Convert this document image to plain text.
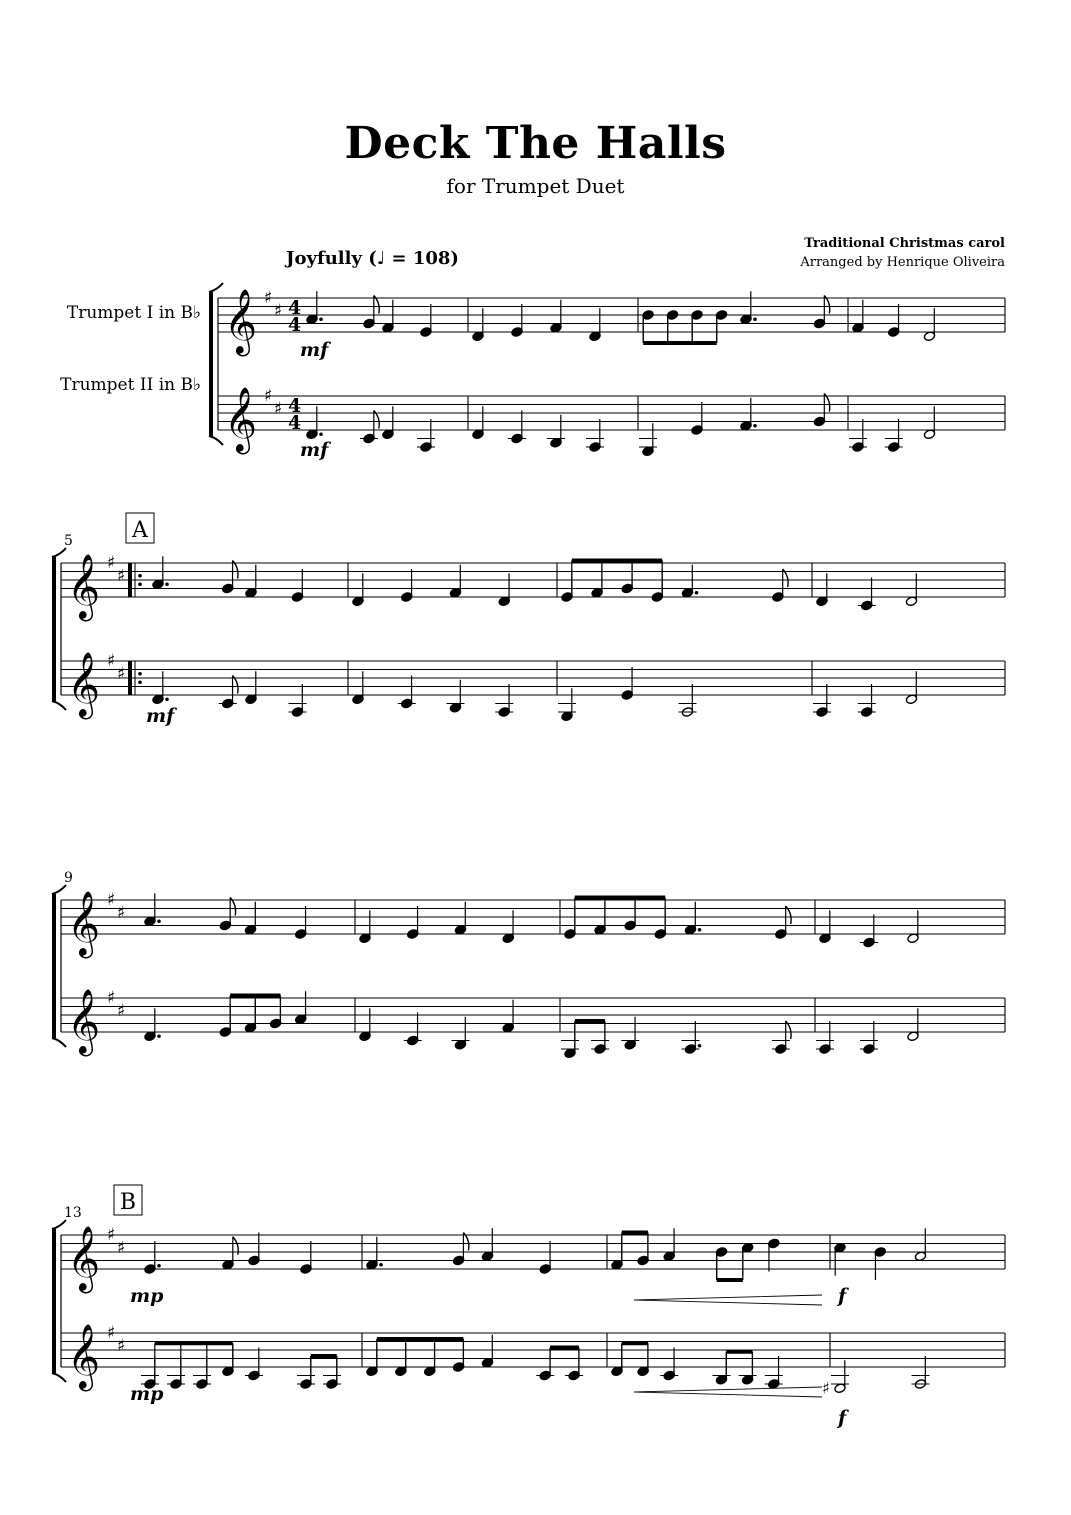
Deck The Halls
for Trumpet Duet
Traditional Christmas carol
Arranged by Henrique Oliveira
Joyfully (♩ = 108)
Trumpet I in B♭
Trumpet II in B♭
𝄞 ♯
♯
𝄞 ♯
♯
4
4
4
4
𝄞 ♯
♯
𝄞 ♯
♯
5	A
𝄞 ♯
♯
𝄞 ♯
♯
9
𝄞 ♯
♯
𝄞 ♯
♯
13 B
♯
mf
mf
mf
mp
mp
f
f
